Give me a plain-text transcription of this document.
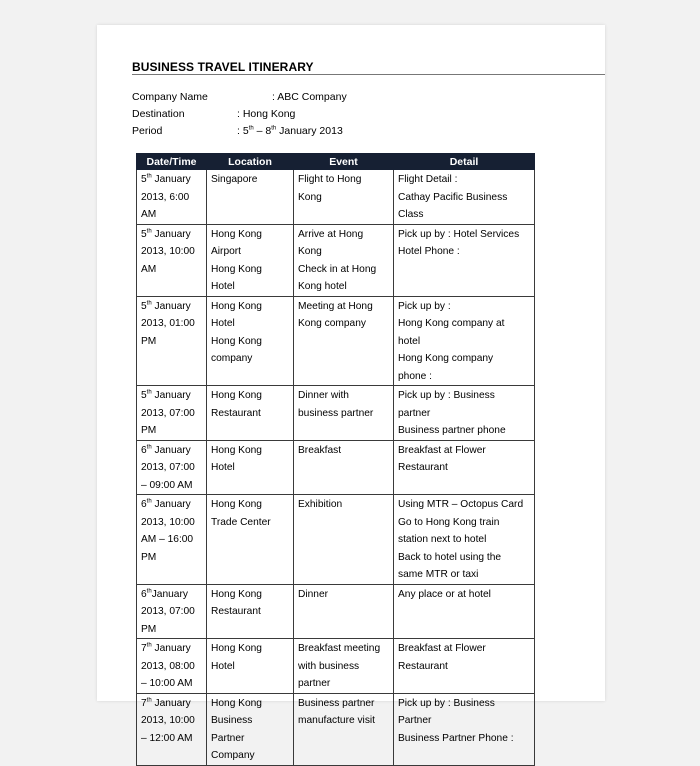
BUSINESS TRAVEL ITINERARY
Company Name	: ABC Company
Destination	: Hong Kong
Period	: 5th – 8th January 2013
Date/Time	Location	Event	Detail

5th January
2013, 6:00
AM	Singapore	Flight to Hong
Kong	Flight Detail :
Cathay Pacific Business
Class

5th January
2013, 10:00
AM	Hong Kong
Airport
Hong Kong
Hotel	Arrive at Hong
Kong
Check in at Hong
Kong hotel	Pick up by : Hotel Services
Hotel Phone :

5th January
2013, 01:00
PM	Hong Kong
Hotel
Hong Kong
company	Meeting at Hong
Kong company	Pick up by :
Hong Kong company at
hotel
Hong Kong company
phone :

5th January
2013, 07:00
PM	Hong Kong
Restaurant	Dinner with
business partner	Pick up by : Business
partner
Business partner phone

6th January
2013, 07:00
– 09:00 AM	Hong Kong
Hotel	Breakfast	Breakfast at Flower
Restaurant

6th January
2013, 10:00
AM – 16:00
PM	Hong Kong
Trade Center	Exhibition	Using MTR – Octopus Card
Go to Hong Kong train
station next to hotel
Back to hotel using the
same MTR or taxi

6thJanuary
2013, 07:00
PM	Hong Kong
Restaurant	Dinner	Any place or at hotel

7th January
2013, 08:00
– 10:00 AM	Hong Kong
Hotel	Breakfast meeting
with business
partner	Breakfast at Flower
Restaurant

7th January
2013, 10:00
– 12:00 AM	Hong Kong
Business
Partner
Company	Business partner
manufacture visit	Pick up by : Business
Partner
Business Partner Phone :
